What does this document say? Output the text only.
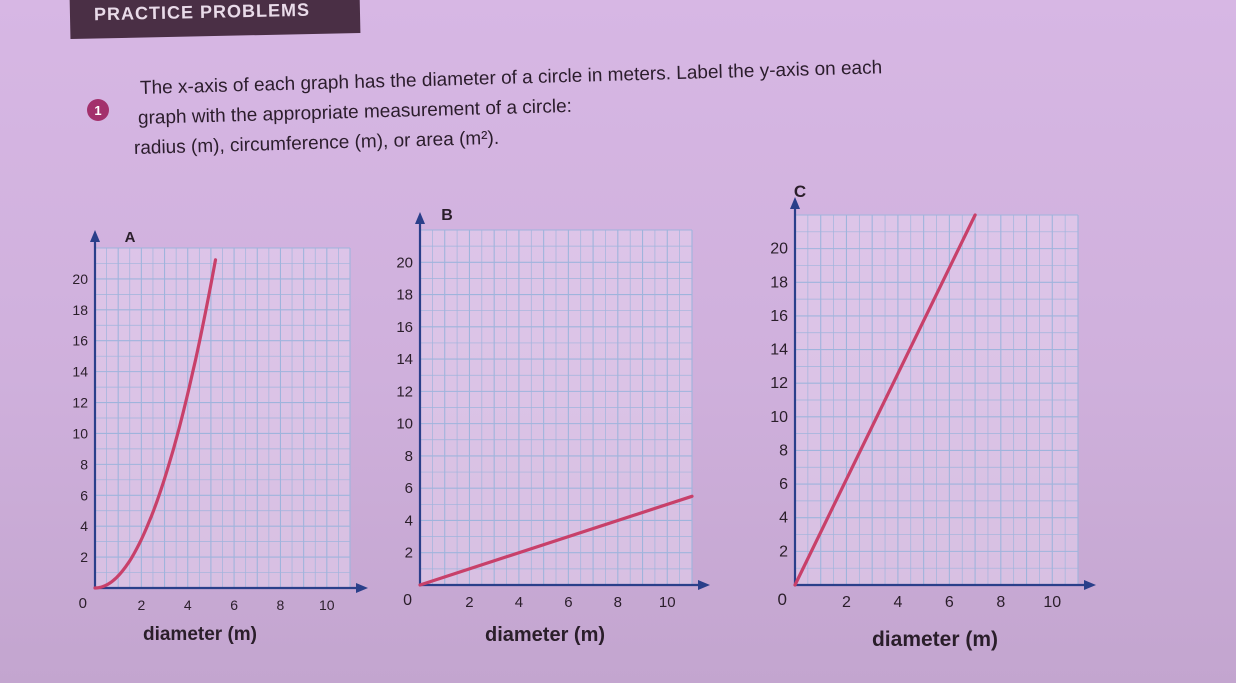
PRACTICE PROBLEMS
1
The x-axis of each graph has the diameter of a circle in meters. Label the y-axis on each
graph with the appropriate measurement of a circle:
radius (m), circumference (m), or area (m²).
2	4	6	8 10
2
4
6
8
10
12
14
16
18
20
0
A
diameter (m)
2	4	6	8 10
2
4
6
8
10
12
14
16
18
20
0
B
diameter (m)
2	4	6	8 10
2
4
6
8
10
12
14
16
18
20
0
C
diameter (m)
